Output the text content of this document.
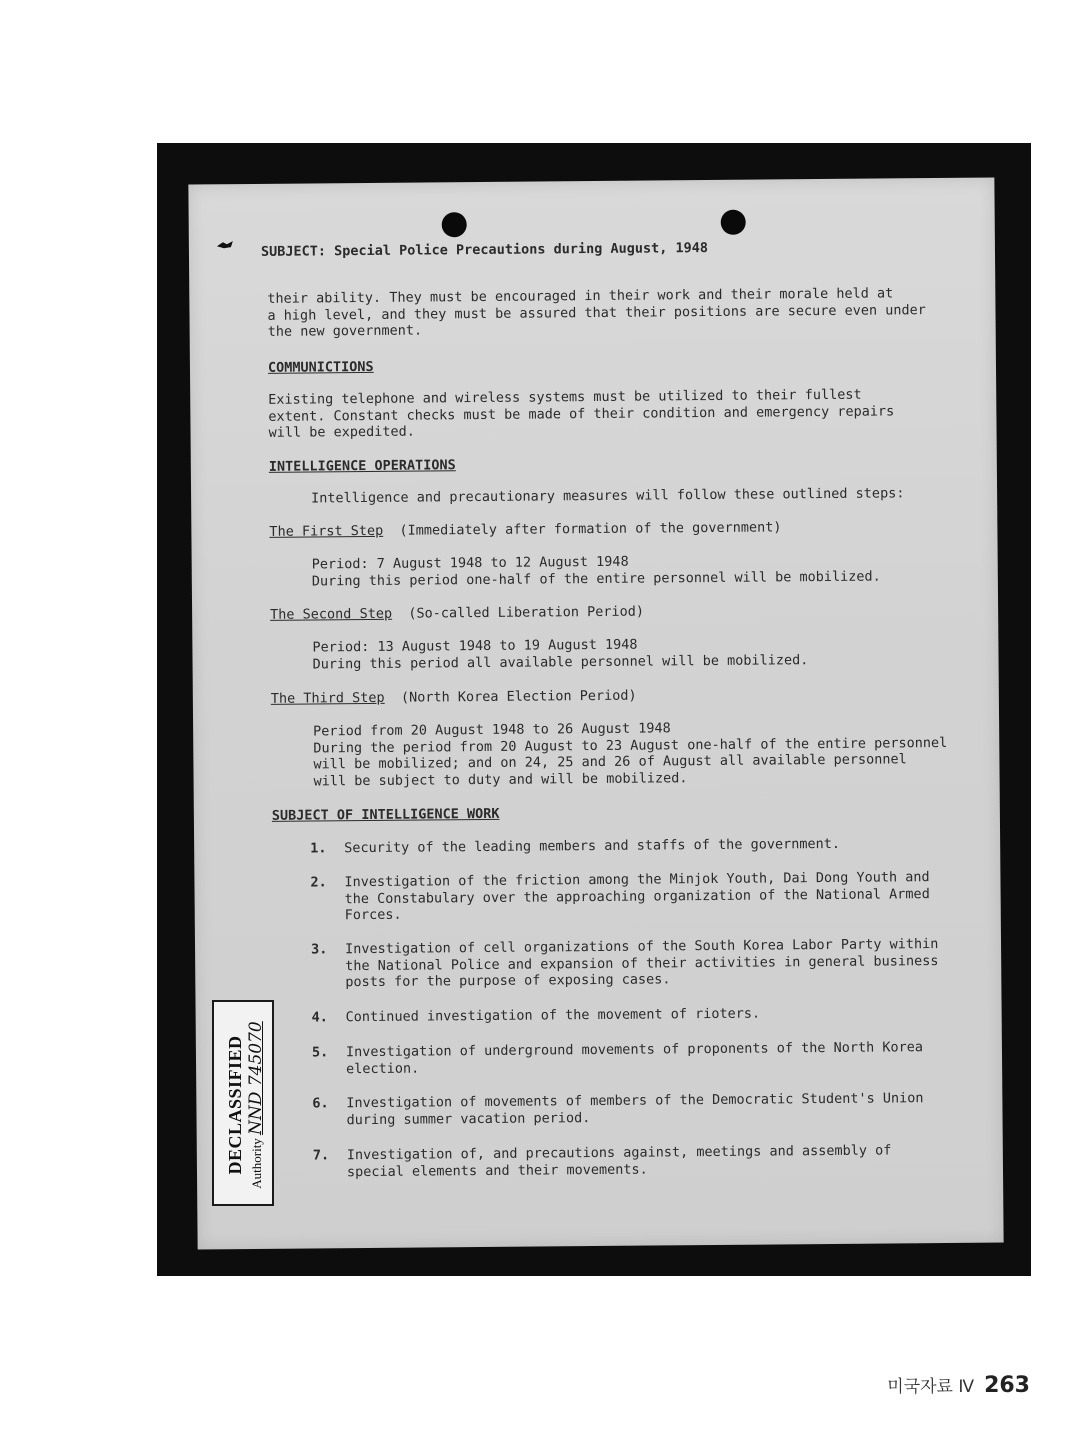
SUBJECT: Special Police Precautions during August, 1948
their ability. They must be encouraged in their work and their morale held at
a high level, and they must be assured that their positions are secure even under
the new government.
COMMUNICTIONS
Existing telephone and wireless systems must be utilized to their fullest
extent. Constant checks must be made of their condition and emergency repairs
will be expedited.
INTELLIGENCE OPERATIONS
Intelligence and precautionary measures will follow these outlined steps:
The First Step (Immediately after formation of the government)
Period: 7 August 1948 to 12 August 1948
During this period one-half of the entire personnel will be mobilized.
The Second Step (So-called Liberation Period)
Period: 13 August 1948 to 19 August 1948
During this period all available personnel will be mobilized.
The Third Step (North Korea Election Period)
Period from 20 August 1948 to 26 August 1948
During the period from 20 August to 23 August one-half of the entire personnel
will be mobilized; and on 24, 25 and 26 of August all available personnel
will be subject to duty and will be mobilized.
SUBJECT OF INTELLIGENCE WORK
1.	Security of the leading members and staffs of the government.
2.	Investigation of the friction among the Minjok Youth, Dai Dong Youth and
the Constabulary over the approaching organization of the National Armed
Forces.
3.	Investigation of cell organizations of the South Korea Labor Party within
the National Police and expansion of their activities in general business
posts for the purpose of exposing cases.
4.	Continued investigation of the movement of rioters.
5.	Investigation of underground movements of proponents of the North Korea
election.
6.	Investigation of movements of members of the Democratic Student's Union
during summer vacation period.
7.	Investigation of, and precautions against, meetings and assembly of
special elements and their movements.
DECLASSIFIED Authority NND 745070
미국자료 Ⅳ 263
